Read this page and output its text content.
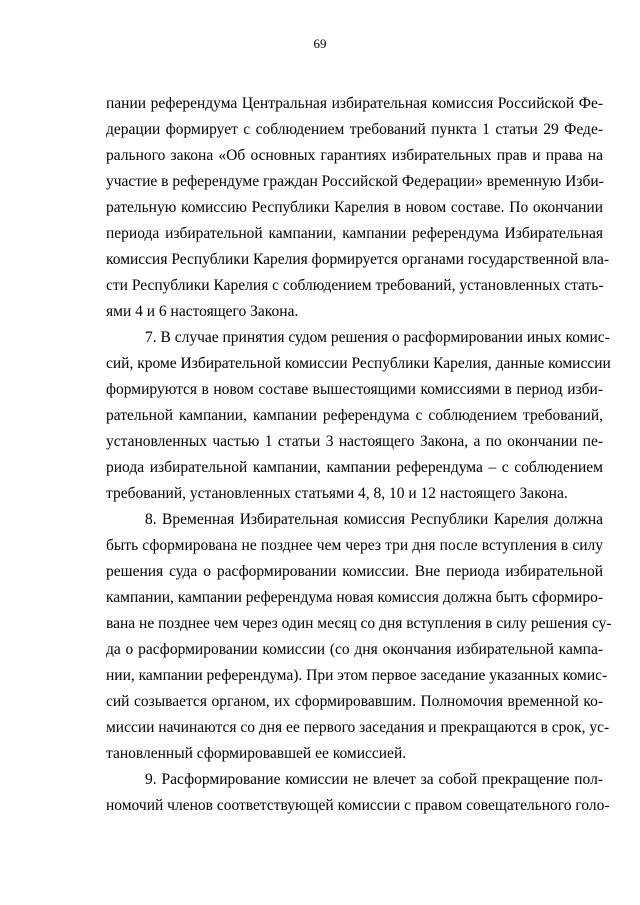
69
пании референдума Центральная избирательная комиссия Российской Фе-
дерации формирует с соблюдением требований пункта 1 статьи 29 Феде-
рального закона «Об основных гарантиях избирательных прав и права на
участие в референдуме граждан Российской Федерации» временную Изби-
рательную комиссию Республики Карелия в новом составе. По окончании
периода избирательной кампании, кампании референдума Избирательная
комиссия Республики Карелия формируется органами государственной вла-
сти Республики Карелия с соблюдением требований, установленных стать-
ями 4 и 6 настоящего Закона.
7. В случае принятия судом решения о расформировании иных комис-
сий, кроме Избирательной комиссии Республики Карелия, данные комиссии
формируются в новом составе вышестоящими комиссиями в период изби-
рательной кампании, кампании референдума с соблюдением требований,
установленных частью 1 статьи 3 настоящего Закона, а по окончании пе-
риода избирательной кампании, кампании референдума – с соблюдением
требований, установленных статьями 4, 8, 10 и 12 настоящего Закона.
8. Временная Избирательная комиссия Республики Карелия должна
быть сформирована не позднее чем через три дня после вступления в силу
решения суда о расформировании комиссии. Вне периода избирательной
кампании, кампании референдума новая комиссия должна быть сформиро-
вана не позднее чем через один месяц со дня вступления в силу решения су-
да о расформировании комиссии (со дня окончания избирательной кампа-
нии, кампании референдума). При этом первое заседание указанных комис-
сий созывается органом, их сформировавшим. Полномочия временной ко-
миссии начинаются со дня ее первого заседания и прекращаются в срок, ус-
тановленный сформировавшей ее комиссией.
9. Расформирование комиссии не влечет за собой прекращение пол-
номочий членов соответствующей комиссии с правом совещательного голо-
